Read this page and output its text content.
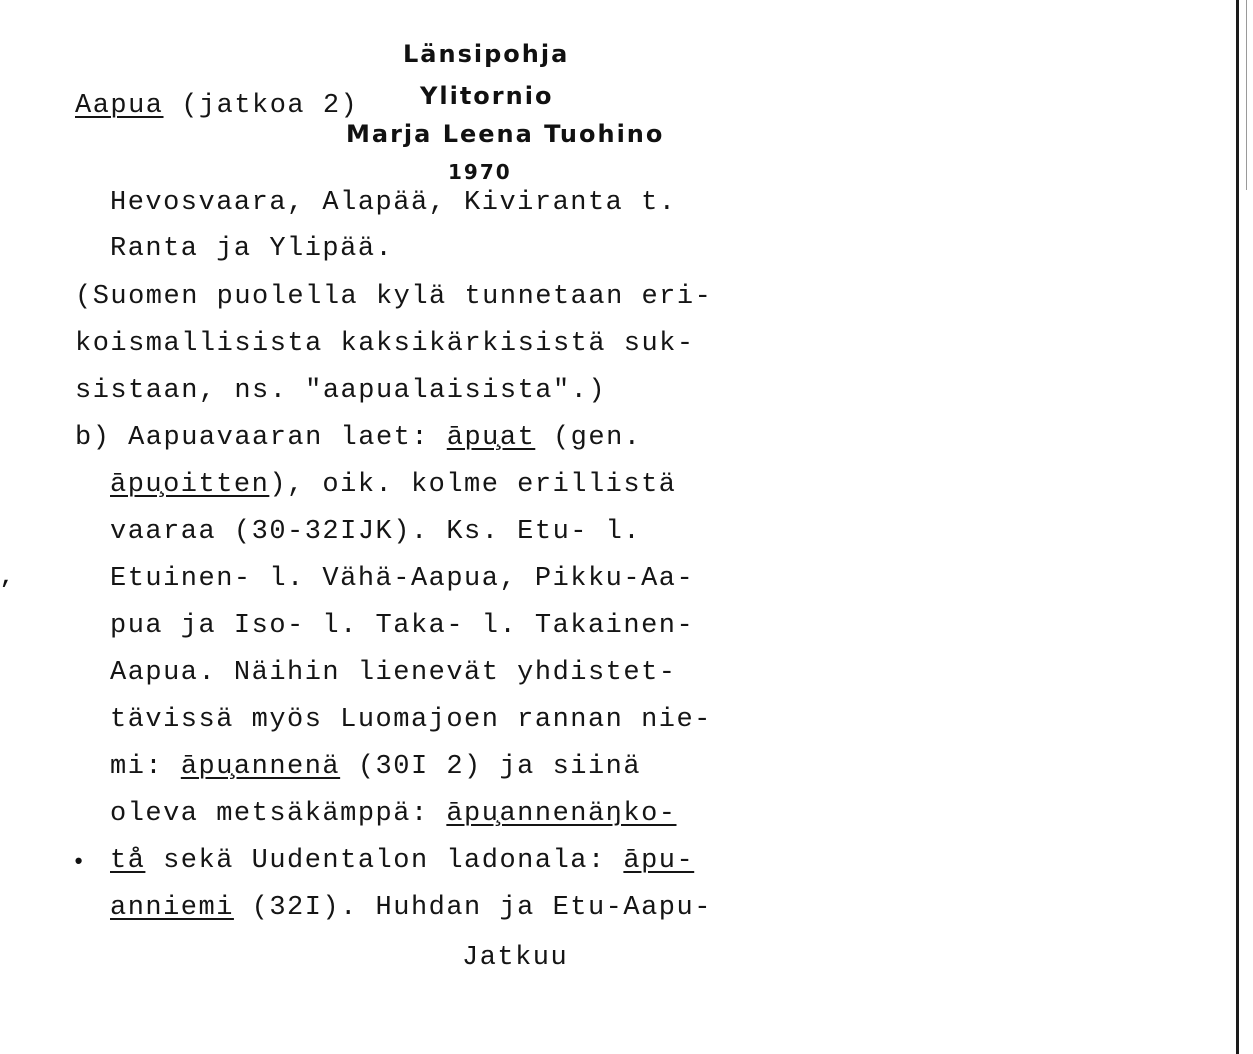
Länsipohja
Ylitornio
Marja Leena Tuohino
1970
Aapua (jatkoa 2)
Hevosvaara, Alapää, Kiviranta t.
Ranta ja Ylipää.
(Suomen puolella kylä tunnetaan eri-
koismallisista kaksikärkisistä suk-
sistaan, ns. "aapualaisista".)
b) Aapuavaaran laet: āpu̧at (gen.
āpu̧oitten), oik. kolme erillistä
vaaraa (30-32IJK). Ks. Etu- l.
Etuinen- l. Vähä-Aapua, Pikku-Aa-
pua ja Iso- l. Taka- l. Takainen-
Aapua. Näihin lienevät yhdistet-
tävissä myös Luomajoen rannan nie-
mi: āpu̧annenä (30I 2) ja siinä
oleva metsäkämppä: āpu̧annenäŋko-
tå sekä Uudentalon ladonala: āpu-
anniemi (32I). Huhdan ja Etu-Aapu-
Jatkuu
,
•
